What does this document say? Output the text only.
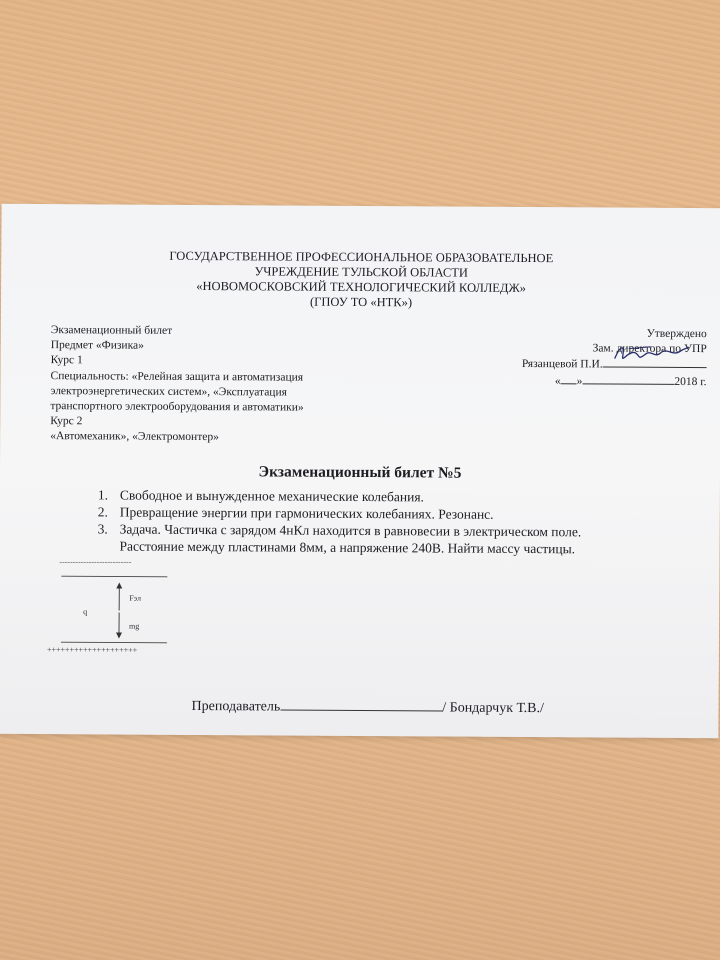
ГОСУДАРСТВЕННОЕ ПРОФЕССИОНАЛЬНОЕ ОБРАЗОВАТЕЛЬНОЕ
УЧРЕЖДЕНИЕ ТУЛЬСКОЙ ОБЛАСТИ
«НОВОМОСКОВСКИЙ ТЕХНОЛОГИЧЕСКИЙ КОЛЛЕДЖ»
(ГПОУ ТО «НТК»)
Экзаменационный билет
Предмет «Физика»
Курс 1
Специальность: «Релейная защита и автоматизация
электроэнергетических систем», «Эксплуатация
транспортного электрооборудования и автоматики»
Курс 2
«Автомеханик», «Электромонтер»
Утверждено
Зам. директора по УПР
Рязанцевой П.И.
« »	2018 г.
Экзаменационный билет №5
1. Свободное и вынужденное механические колебания.
2. Превращение энергии при гармонических колебаниях. Резонанс.
3. Задача. Частичка с зарядом 4нКл находится в равновесии в электрическом поле.
Расстояние между пластинами 8мм, а напряжение 240В. Найти массу частицы.
---------------------------
++++++++++++++++++++
q
Fэл
mg
Преподаватель	/ Бондарчук Т.В./
